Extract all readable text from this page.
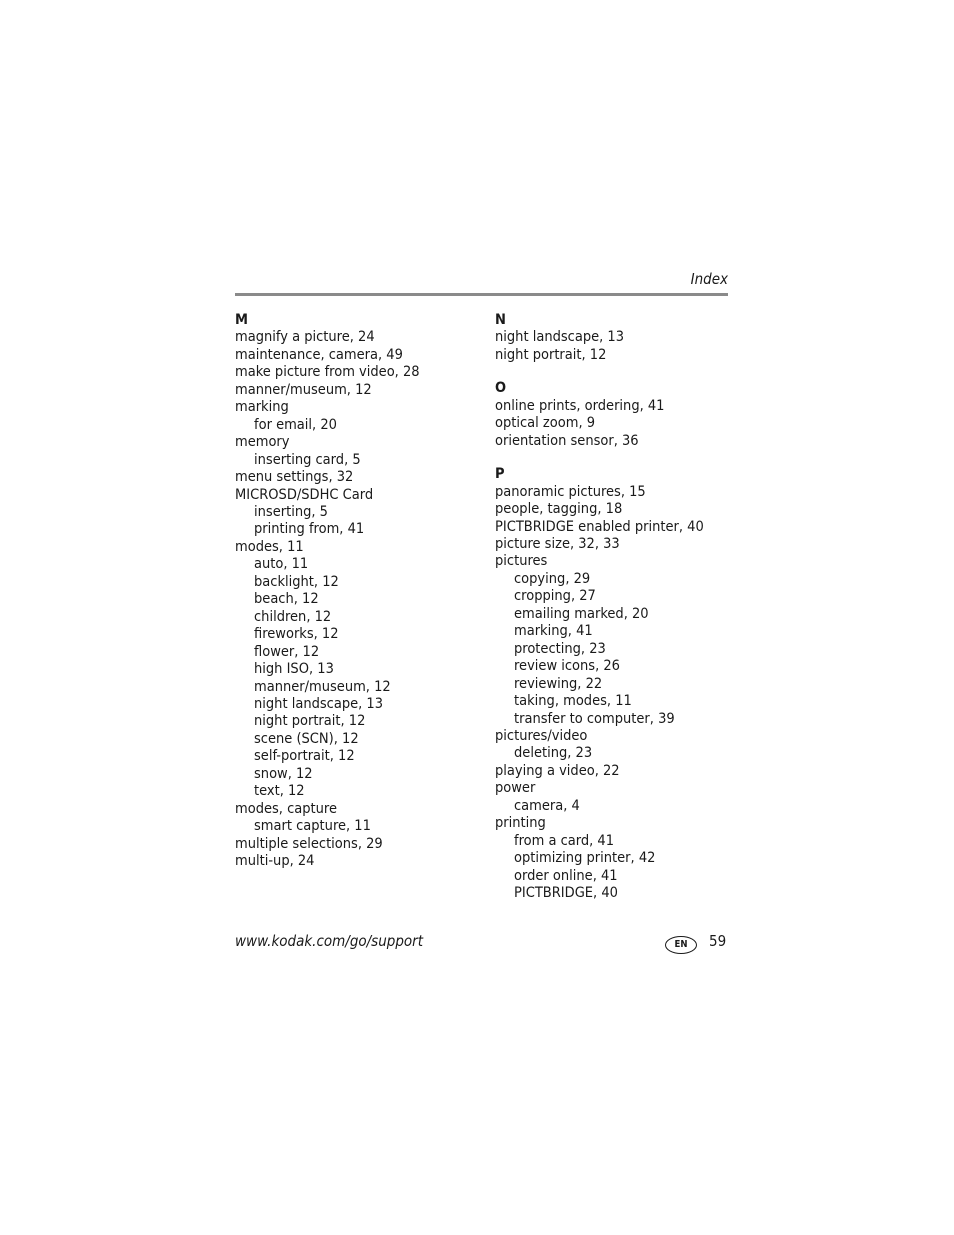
Index
M
magnify a picture, 24
maintenance, camera, 49
make picture from video, 28
manner/museum, 12
marking
for email, 20
memory
inserting card, 5
menu settings, 32
MICROSD/SDHC Card
inserting, 5
printing from, 41
modes, 11
auto, 11
backlight, 12
beach, 12
children, 12
fireworks, 12
flower, 12
high ISO, 13
manner/museum, 12
night landscape, 13
night portrait, 12
scene (SCN), 12
self-portrait, 12
snow, 12
text, 12
modes, capture
smart capture, 11
multiple selections, 29
multi-up, 24
N
night landscape, 13
night portrait, 12
O
online prints, ordering, 41
optical zoom, 9
orientation sensor, 36
P
panoramic pictures, 15
people, tagging, 18
PICTBRIDGE enabled printer, 40
picture size, 32, 33
pictures
copying, 29
cropping, 27
emailing marked, 20
marking, 41
protecting, 23
review icons, 26
reviewing, 22
taking, modes, 11
transfer to computer, 39
pictures/video
deleting, 23
playing a video, 22
power
camera, 4
printing
from a card, 41
optimizing printer, 42
order online, 41
PICTBRIDGE, 40
www.kodak.com/go/support	EN	59
